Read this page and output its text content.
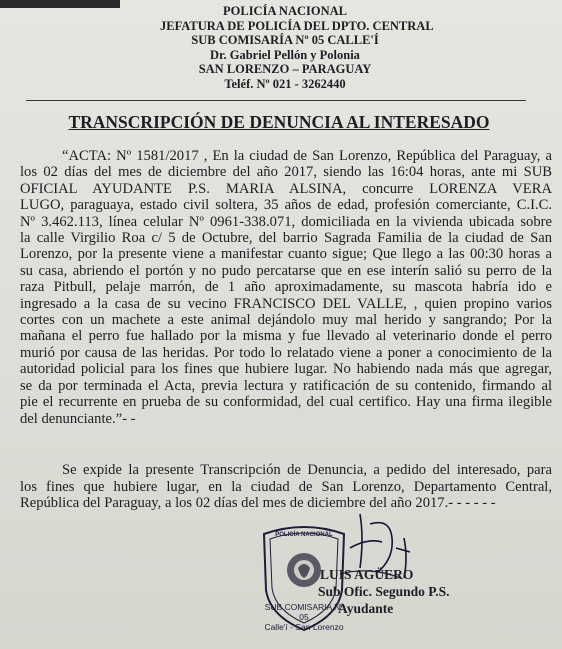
POLICÍA NACIONAL
JEFATURA DE POLICÍA DEL DPTO. CENTRAL
SUB COMISARÍA Nº 05 CALLE'Í
Dr. Gabriel Pellón y Polonia
SAN LORENZO – PARAGUAY
Teléf. Nº 021 - 3262440
TRANSCRIPCIÓN DE DENUNCIA AL INTERESADO
“ACTA: Nº 1581/2017 , En la ciudad de San Lorenzo, República del Paraguay, a
los 02 días del mes de diciembre del año 2017, siendo las 16:04 horas, ante mi SUB
OFICIAL AYUDANTE P.S. MARIA ALSINA, concurre LORENZA VERA
LUGO, paraguaya, estado civil soltera, 35 años de edad, profesión comerciante, C.I.C.
Nº 3.462.113, línea celular Nº 0961-338.071, domiciliada en la vivienda ubicada sobre
la calle Virgilio Roa c/ 5 de Octubre, del barrio Sagrada Familia de la ciudad de San
Lorenzo, por la presente viene a manifestar cuanto sigue; Que llego a las 00:30 horas a
su casa, abriendo el portón y no pudo percatarse que en ese interín salió su perro de la
raza Pitbull, pelaje marrón, de 1 año aproximadamente, su mascota habría ido e
ingresado a la casa de su vecino FRANCISCO DEL VALLE, , quien propino varios
cortes con un machete a este animal dejándolo muy mal herido y sangrando; Por la
mañana el perro fue hallado por la misma y fue llevado al veterinario donde el perro
murió por causa de las heridas. Por todo lo relatado viene a poner a conocimiento de la
autoridad policial para los fines que hubiere lugar. No habiendo nada más que agregar,
se da por terminada el Acta, previa lectura y ratificación de su contenido, firmando al
pie el recurrente en prueba de su conformidad, del cual certifico. Hay una firma ilegible
del denunciante.”- -
Se expide la presente Transcripción de Denuncia, a pedido del interesado, para
los fines que hubiere lugar, en la ciudad de San Lorenzo, Departamento Central,
República del Paraguay, a los 02 días del mes de diciembre del año 2017.- - - - - -
POLICÍA NACIONAL
SUB COMISARIA Nº 05
Calle'í - San Lorenzo
LUIS AGÜERO
Sub Ofic. Segundo P.S.
Ayudante
